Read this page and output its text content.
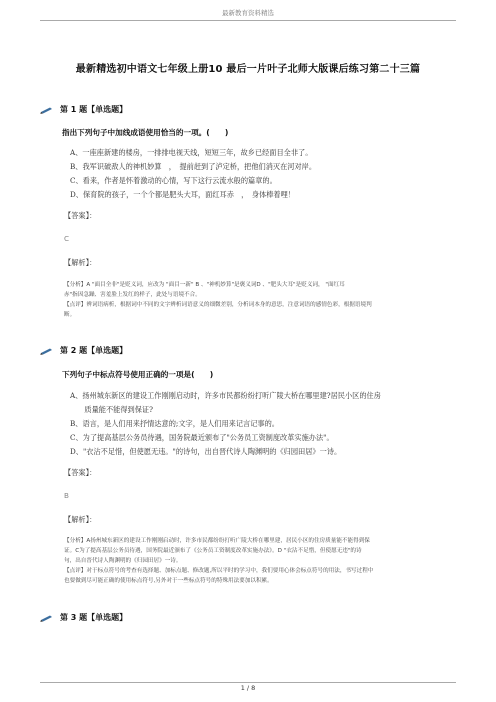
最新教育资料精选
最新精选初中语文七年级上册10 最后一片叶子北师大版课后练习第二十三篇
第 1 题【单选题】
指出下列句子中加线成语使用恰当的一项。(　　)
A、一座座新建的楼房，一排排电视天线，短短三年，故乡已经面目全非了。
B、我军识破敌人的神机妙算　，　提前赶到了泸定桥，把他们消灭在河对岸。
C、看来，作者是怀着激动的心情，写下这行云流水般的篇章的。
D、保育院的孩子，一个个都是肥头大耳，面红耳赤　，　身体棒着哩！
【答案】：
C
【解析】：
【分析】A "面目全非"是贬义词，应改为 "面目一新" B 、"神机妙算"是褒义词D 、"肥头大耳"是贬义词， "面红耳
赤"指因急躁、害羞脸上发红的样子，此处与语境不合。
【点评】辨词语病析，根据词中不同的文字辨析词语意义的细微差别，分析词本身的意思，注意词语的感情色彩，根据语境判
断。
第 2 题【单选题】
下列句子中标点符号使用正确的一项是(　　)
A、扬州城东新区的建设工作刚刚启动时，许多市民都纷纷打听广陵大桥在哪里建?居民小区的住房
　　质量能不能得到保证?
B、语言，是人们用来抒情达意的;文字，是人们用来记言记事的。
C、为了提高基层公务员待遇，国务院最近颁布了"公务员工资制度改革实施办法"。
D、"衣沾不足惜，但使愿无违。"的诗句，出自晋代诗人陶渊明的《归园田居》一诗。
【答案】：
B
【解析】：
【分析】A扬州城东新区的建设工作刚刚启动时，许多市民都纷纷打听广陵大桥在哪里建，居民小区的住房质量能不能得到保
证。C为了提高基层公务员待遇，国务院最近颁布了《公务员工资制度改革实施办法》。D "衣沾不足惜，但使愿无违"的诗
句，出自晋代诗人陶渊明的《归园田居》一诗。
【点评】对于标点符号的考查有选择题、加标点题、修改题,所以平时的学习中，我们要用心体会标点符号的用法，书写过程中
也要做到尽可能正确的使用标点符号,另外对于一些标点符号的特殊用法要加以积累。
第 3 题【单选题】
1 / 8
